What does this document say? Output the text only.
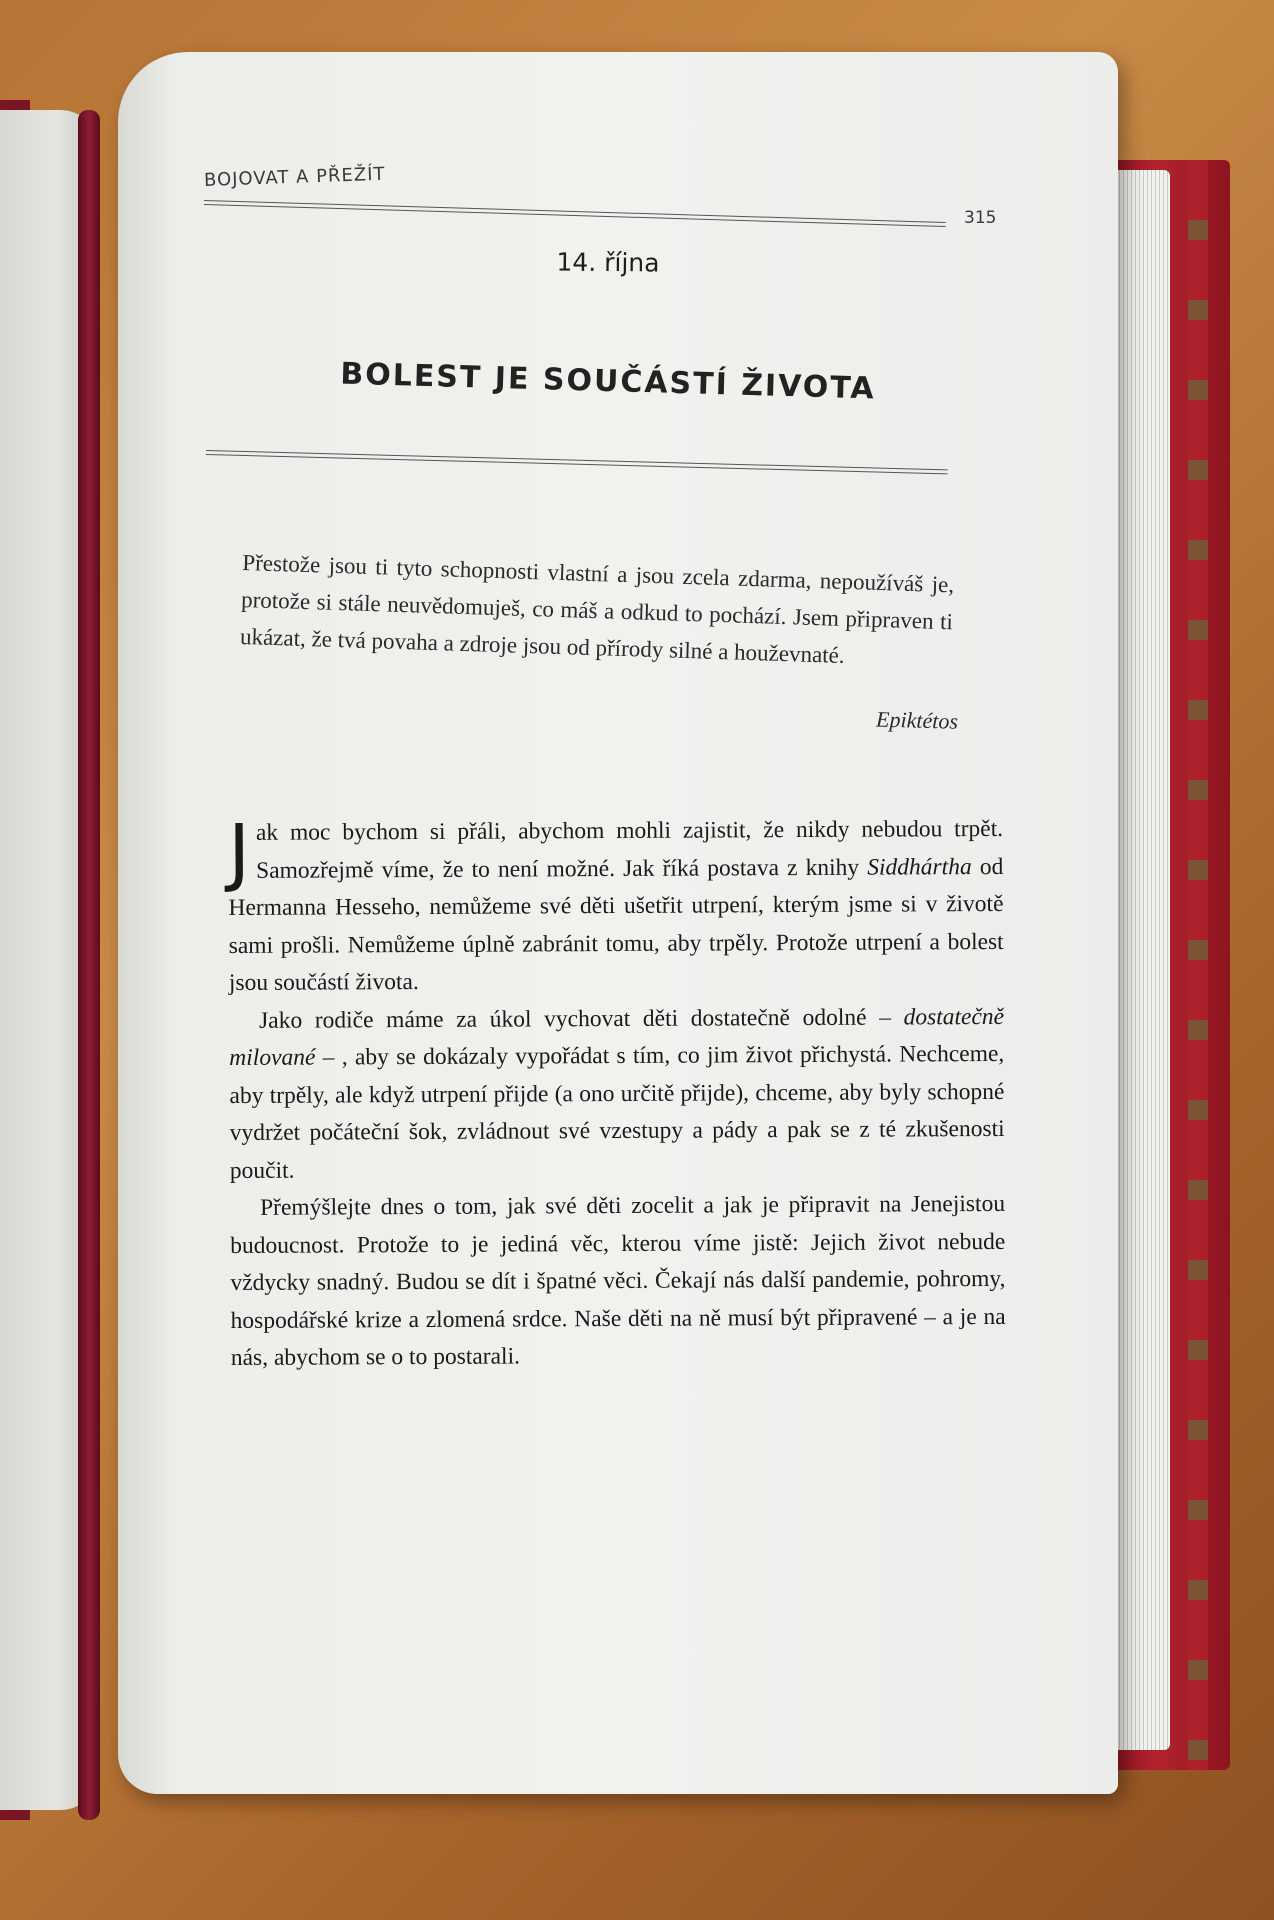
BOJOVAT A PŘEŽÍT
315
14. října
BOLEST JE SOUČÁSTÍ ŽIVOTA
Přestože jsou ti tyto schopnosti vlastní a jsou zcela zdarma, nepoužíváš je, protože si stále neuvědomuješ, co máš a odkud to pochází. Jsem připraven ti ukázat, že tvá povaha a zdroje jsou od přírody silné a houževnaté.
Epiktétos

Jak moc bychom si přáli, abychom mohli zajistit, že nikdy nebudou trpět. Samozřejmě víme, že to není možné. Jak říká postava z knihy Siddhártha od Hermanna Hesseho, nemůžeme své děti ušetřit utrpení, kterým jsme si v životě sami prošli. Nemůžeme úplně zabránit tomu, aby trpěly. Protože utrpení a bolest jsou součástí života.

Jako rodiče máme za úkol vychovat děti dostatečně odolné – dostatečně milované – , aby se dokázaly vypořádat s tím, co jim život přichystá. Nechceme, aby trpěly, ale když utrpení přijde (a ono určitě přijde), chceme, aby byly schopné vydržet počáteční šok, zvládnout své vzestupy a pády a pak se z té zkušenosti poučit.

Přemýšlejte dnes o tom, jak své děti zocelit a jak je připravit na Jenejistou budoucnost. Protože to je jediná věc, kterou víme jistě: Jejich život nebude vždycky snadný. Budou se dít i špatné věci. Čekají nás další pandemie, pohromy, hospodářské krize a zlomená srdce. Naše děti na ně musí být připravené – a je na nás, abychom se o to postarali.
